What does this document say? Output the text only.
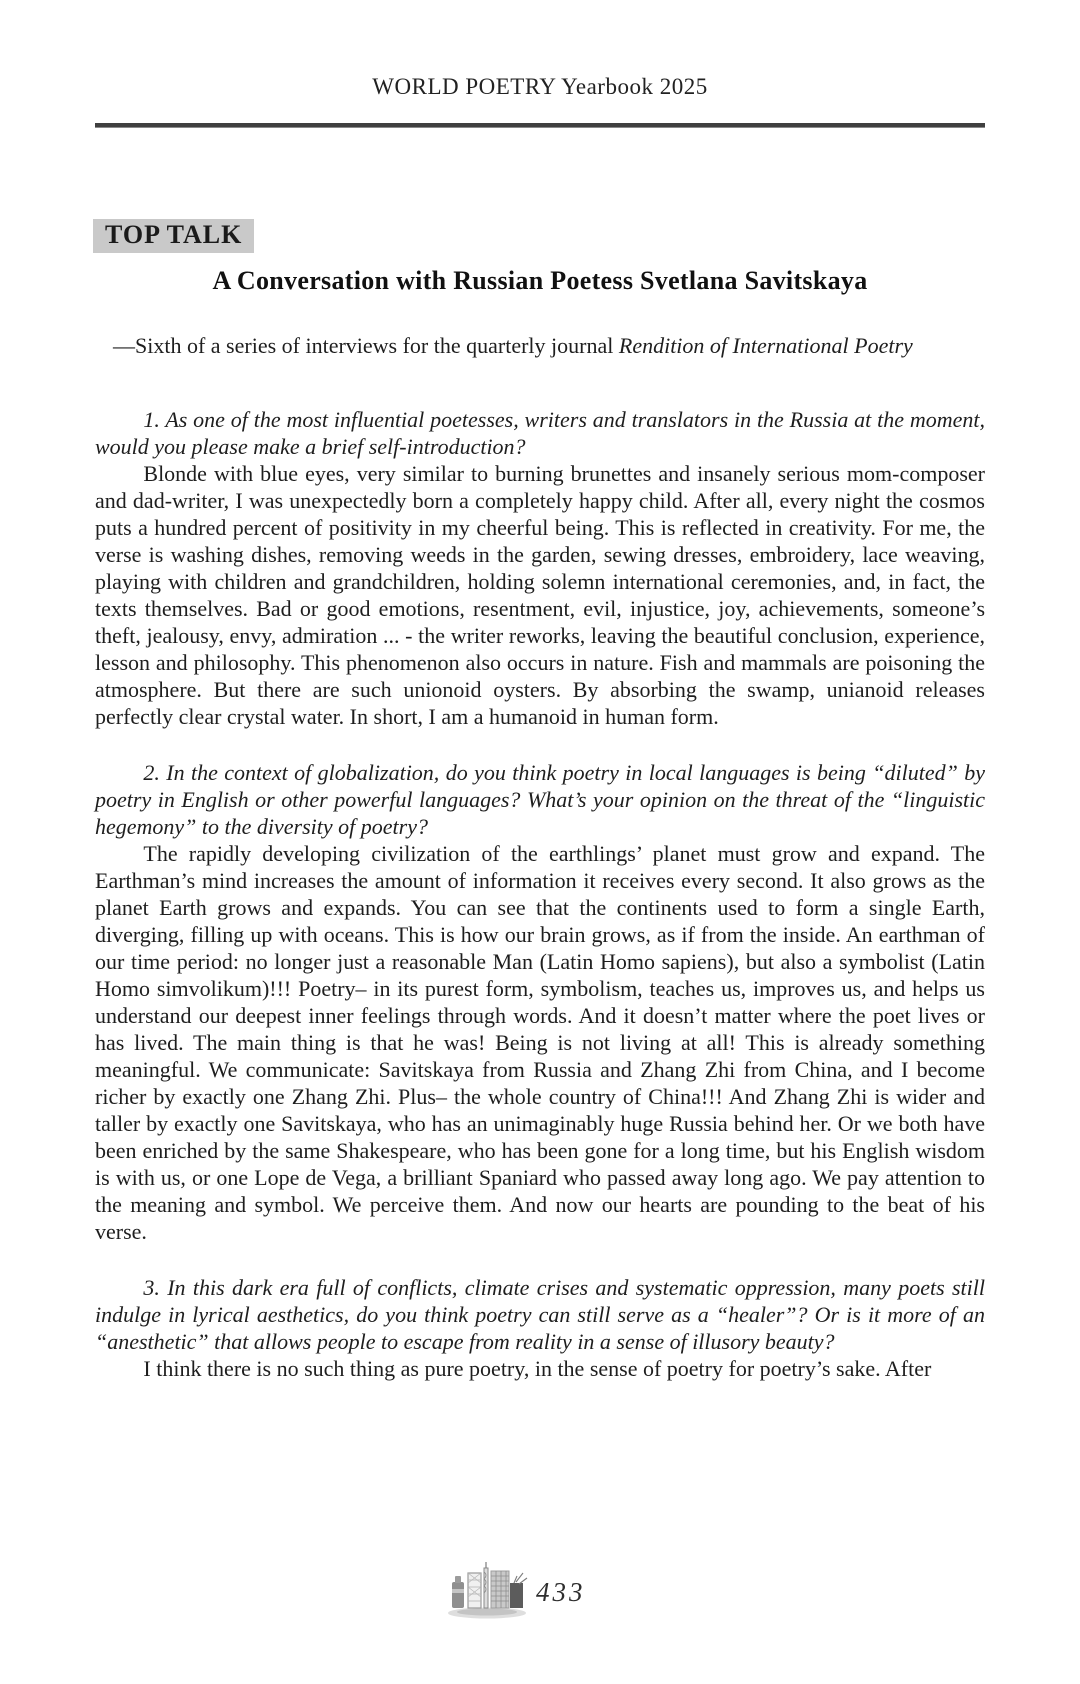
WORLD POETRY Yearbook 2025
TOP TALK
A Conversation with Russian Poetess Svetlana Savitskaya
—Sixth of a series of interviews for the quarterly journal Rendition of International Poetry

1. As one of the most influential poetesses, writers and translators in the Russia at the moment, would you please make a brief self-introduction?

Blonde with blue eyes, very similar to burning brunettes and insanely serious mom-composer and dad-writer, I was unexpectedly born a completely happy child. After all, every night the cosmos puts a hundred percent of positivity in my cheerful being. This is reflected in creativity. For me, the verse is washing dishes, removing weeds in the garden, sewing dresses, embroidery, lace weaving, playing with children and grandchildren, holding solemn international ceremonies, and, in fact, the texts themselves. Bad or good emotions, resentment, evil, injustice, joy, achievements, someone’s theft, jealousy, envy, admiration ... - the writer reworks, leaving the beautiful conclusion, experience, lesson and philosophy. This phenomenon also occurs in nature. Fish and mammals are poisoning the atmosphere. But there are such unionoid oysters. By absorbing the swamp, unianoid releases perfectly clear crystal water. In short, I am a humanoid in human form.

2. In the context of globalization, do you think poetry in local languages is being “diluted” by poetry in English or other powerful languages? What’s your opinion on the threat of the “linguistic hegemony” to the diversity of poetry?

The rapidly developing civilization of the earthlings’ planet must grow and expand. The Earthman’s mind increases the amount of information it receives every second. It also grows as the planet Earth grows and expands. You can see that the continents used to form a single Earth, diverging, filling up with oceans. This is how our brain grows, as if from the inside. An earthman of our time period: no longer just a reasonable Man (Latin Homo sapiens), but also a symbolist (Latin Homo simvolikum)!!! Poetry– in its purest form, symbolism, teaches us, improves us, and helps us understand our deepest inner feelings through words. And it doesn’t matter where the poet lives or has lived. The main thing is that he was! Being is not living at all! This is already something meaningful. We communicate: Savitskaya from Russia and Zhang Zhi from China, and I become richer by exactly one Zhang Zhi. Plus– the whole country of China!!! And Zhang Zhi is wider and taller by exactly one Savitskaya, who has an unimaginably huge Russia behind her. Or we both have been enriched by the same Shakespeare, who has been gone for a long time, but his English wisdom is with us, or one Lope de Vega, a brilliant Spaniard who passed away long ago. We pay attention to the meaning and symbol. We perceive them. And now our hearts are pounding to the beat of his verse.

3. In this dark era full of conflicts, climate crises and systematic oppression, many poets still indulge in lyrical aesthetics, do you think poetry can still serve as a “healer”? Or is it more of an “anesthetic” that allows people to escape from reality in a sense of illusory beauty?

I think there is no such thing as pure poetry, in the sense of poetry for poetry’s sake. After

433
